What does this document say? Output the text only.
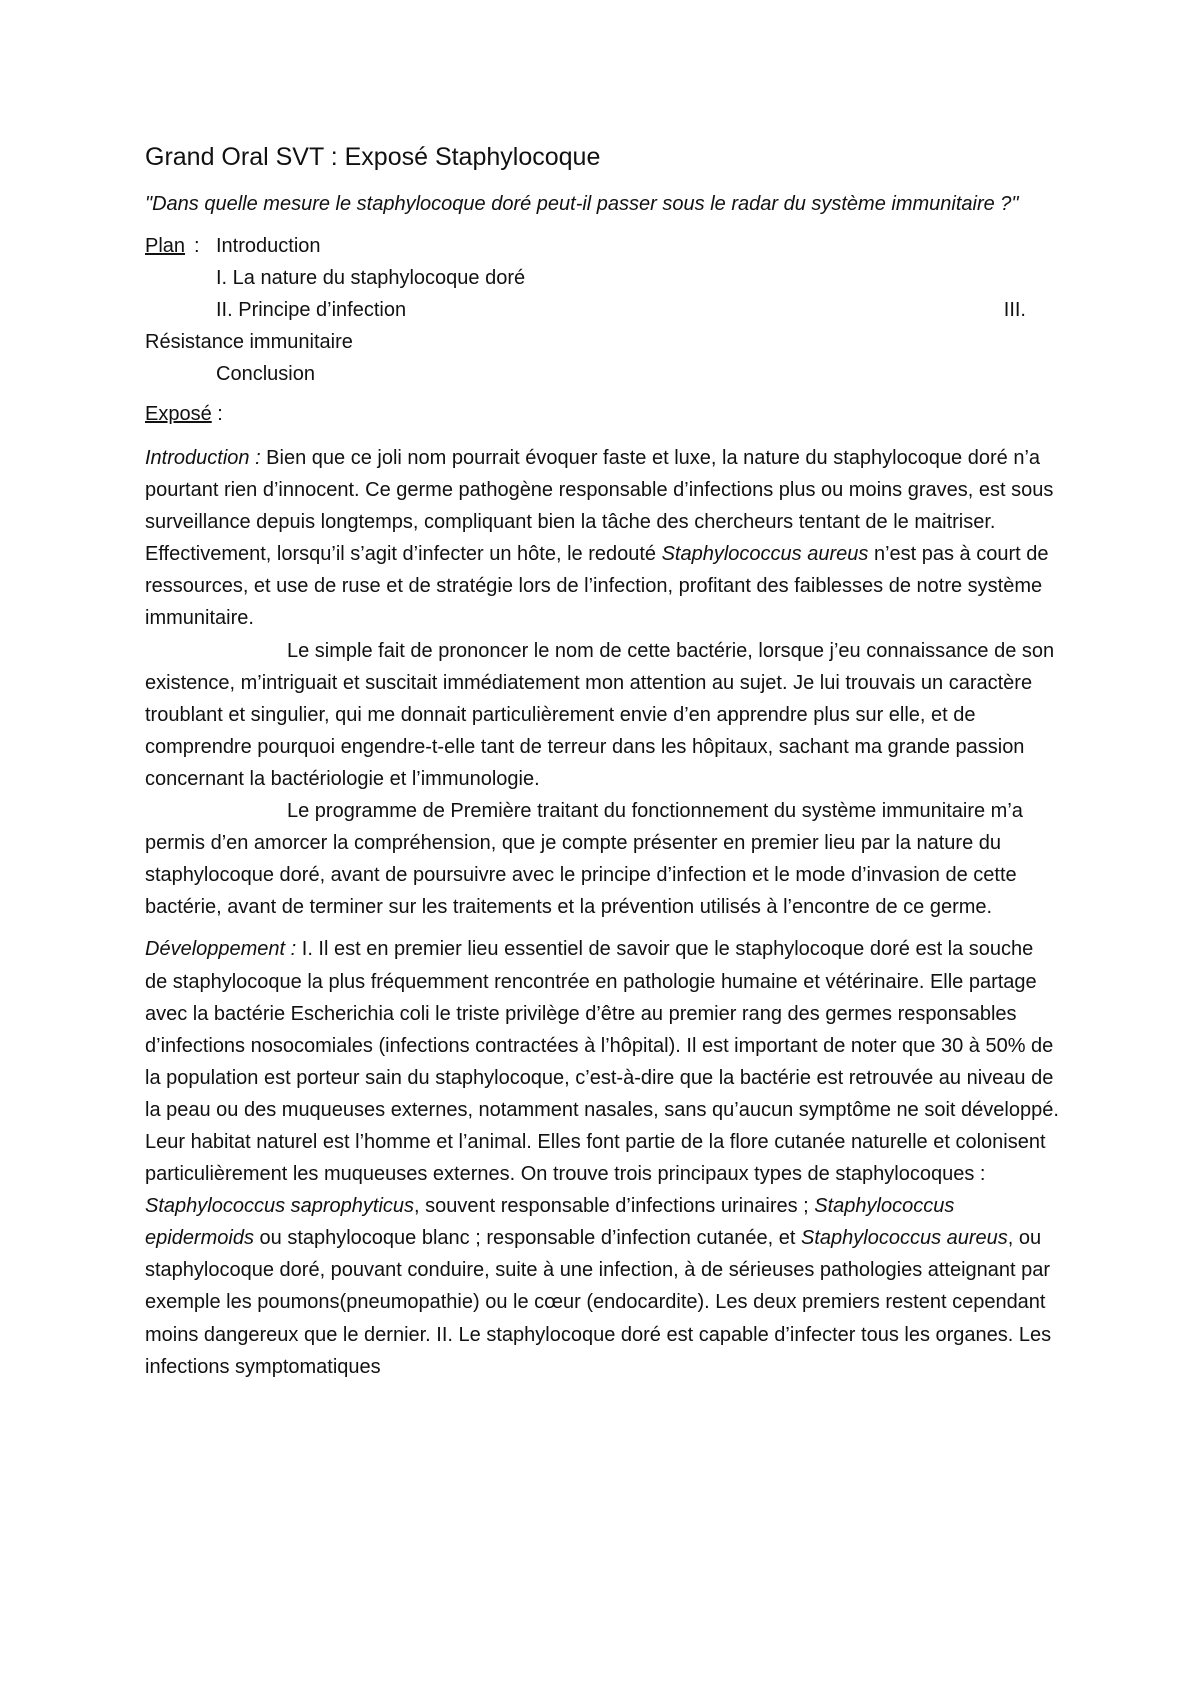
Grand Oral SVT : Exposé Staphylocoque
"Dans quelle mesure le staphylocoque doré peut-il passer sous le radar du système immunitaire ?"
Plan : Introduction
I. La nature du staphylocoque doré
II. Principe d’infection	III.
Résistance immunitaire
Conclusion
Exposé :

Introduction : Bien que ce joli nom pourrait évoquer faste et luxe, la nature du staphylocoque doré n’a pourtant rien d’innocent. Ce germe pathogène responsable d’infections plus ou moins graves, est sous surveillance depuis longtemps, compliquant bien la tâche des chercheurs tentant de le maitriser. Effectivement, lorsqu’il s’agit d’infecter un hôte, le redouté Staphylococcus aureus n’est pas à court de ressources, et use de ruse et de stratégie lors de l’infection, profitant des faiblesses de notre système immunitaire.

Le simple fait de prononcer le nom de cette bactérie, lorsque j’eu connaissance de son existence, m’intriguait et suscitait immédiatement mon attention au sujet. Je lui trouvais un caractère troublant et singulier, qui me donnait particulièrement envie d’en apprendre plus sur elle, et de comprendre pourquoi engendre-t-elle tant de terreur dans les hôpitaux, sachant ma grande passion concernant la bactériologie et l’immunologie.

Le programme de Première traitant du fonctionnement du système immunitaire m’a permis d’en amorcer la compréhension, que je compte présenter en premier lieu par la nature du staphylocoque doré, avant de poursuivre avec le principe d’infection et le mode d’invasion de cette bactérie, avant de terminer sur les traitements et la prévention utilisés à l’encontre de ce germe.

Développement : I. Il est en premier lieu essentiel de savoir que le staphylocoque doré est la souche de staphylocoque la plus fréquemment rencontrée en pathologie humaine et vétérinaire. Elle partage avec la bactérie Escherichia coli le triste privilège d’être au premier rang des germes responsables d’infections nosocomiales (infections contractées à l’hôpital). Il est important de noter que 30 à 50% de la population est porteur sain du staphylocoque, c’est-à-dire que la bactérie est retrouvée au niveau de la peau ou des muqueuses externes, notamment nasales, sans qu’aucun symptôme ne soit développé. Leur habitat naturel est l’homme et l’animal. Elles font partie de la flore cutanée naturelle et colonisent particulièrement les muqueuses externes. On trouve trois principaux types de staphylocoques : Staphylococcus saprophyticus, souvent responsable d’infections urinaires ; Staphylococcus epidermoids ou staphylocoque blanc ; responsable d’infection cutanée, et Staphylococcus aureus, ou staphylocoque doré, pouvant conduire, suite à une infection, à de sérieuses pathologies atteignant par exemple les poumons(pneumopathie) ou le cœur (endocardite). Les deux premiers restent cependant moins dangereux que le dernier. II. Le staphylocoque doré est capable d’infecter tous les organes. Les infections symptomatiques
